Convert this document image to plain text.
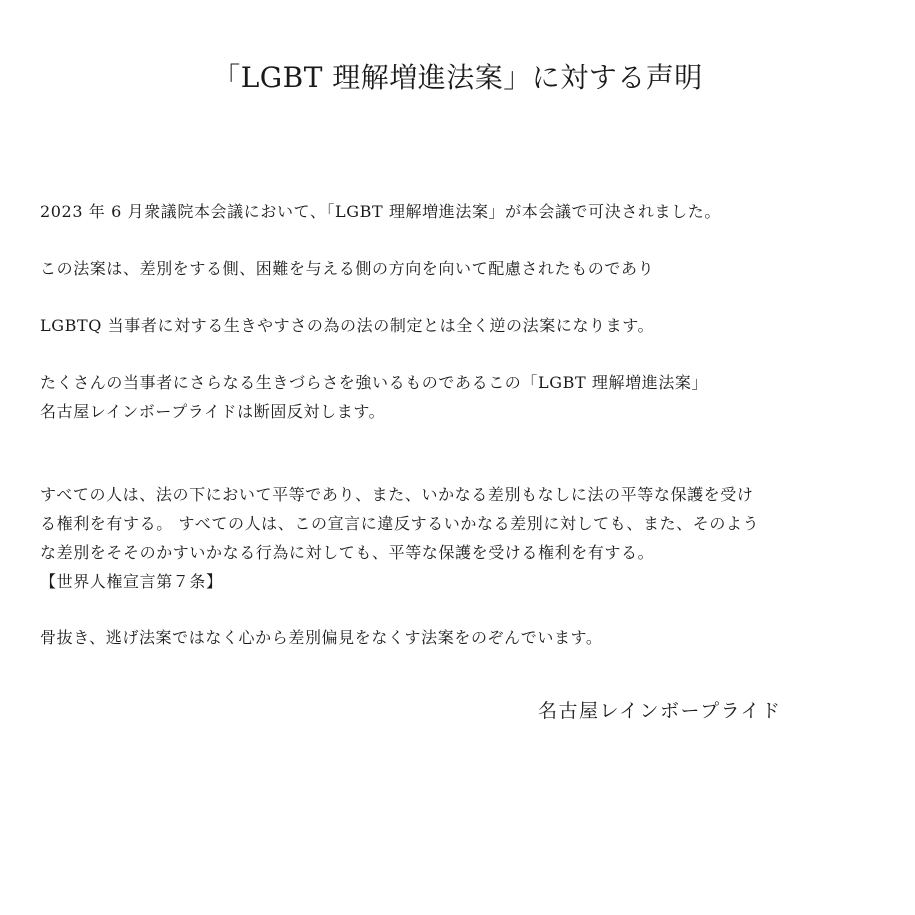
「LGBT 理解増進法案」に対する声明

2023 年 6 月衆議院本会議において、「LGBT 理解増進法案」が本会議で可決されました。

この法案は、差別をする側、困難を与える側の方向を向いて配慮されたものであり

LGBTQ 当事者に対する生きやすさの為の法の制定とは全く逆の法案になります。

たくさんの当事者にさらなる生きづらさを強いるものであるこの「LGBT 理解増進法案」
名古屋レインボープライドは断固反対します。

すべての人は、法の下において平等であり、また、いかなる差別もなしに法の平等な保護を受け
る権利を有する。 すべての人は、この宣言に違反するいかなる差別に対しても、また、そのよう
な差別をそそのかすいかなる行為に対しても、平等な保護を受ける権利を有する。
【世界人権宣言第７条】

骨抜き、逃げ法案ではなく心から差別偏見をなくす法案をのぞんでいます。

名古屋レインボープライド
